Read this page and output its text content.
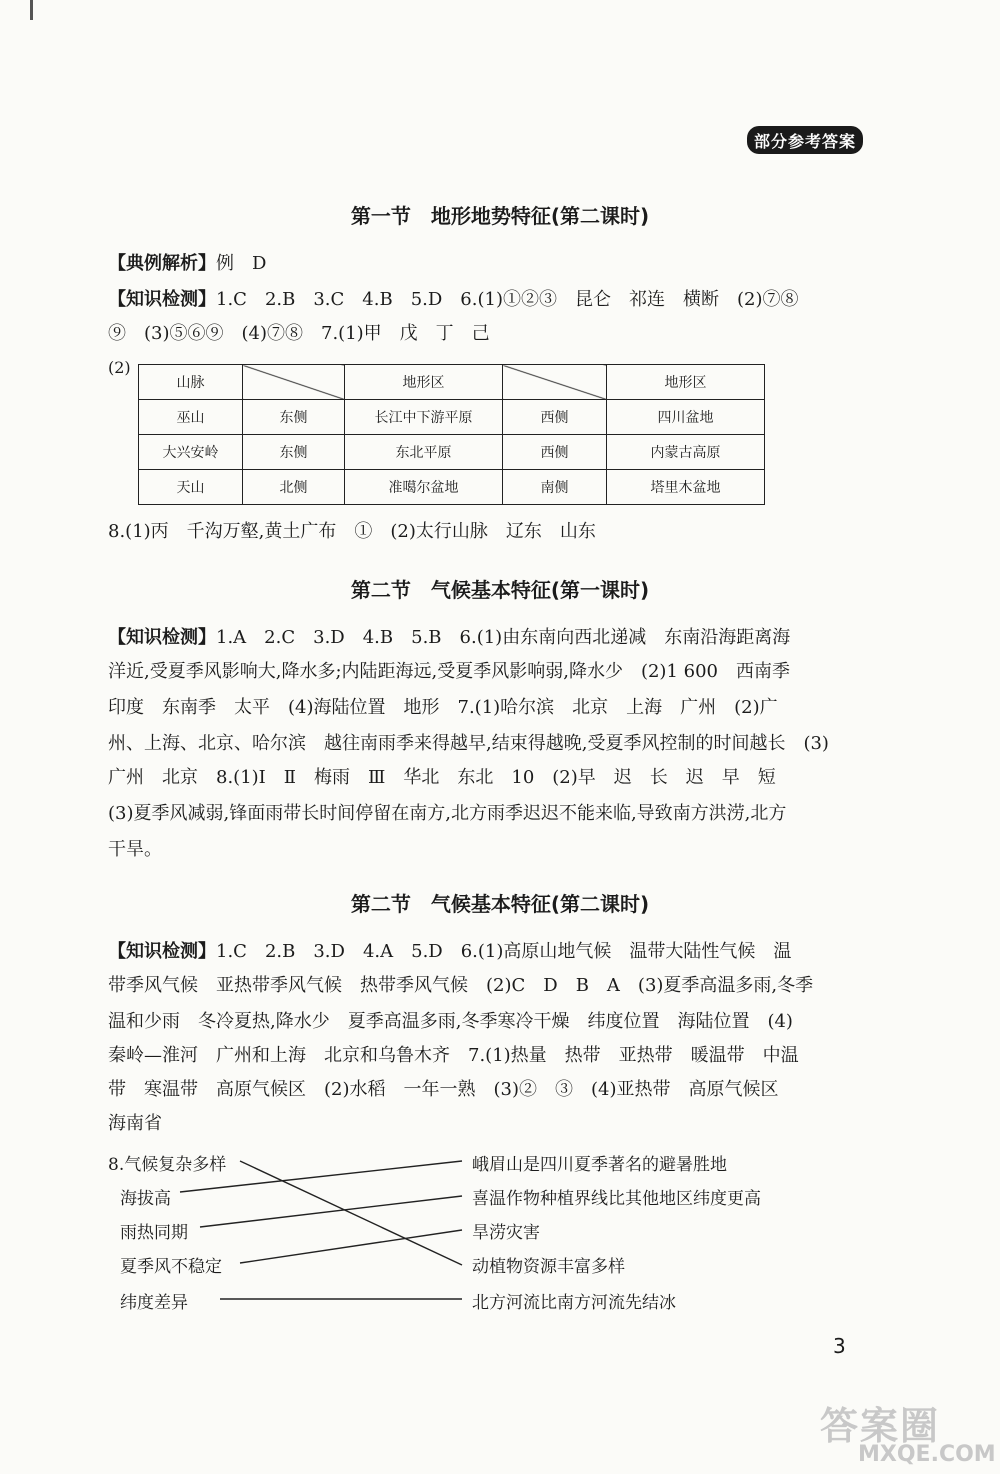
部分参考答案
第一节　地形地势特征(第二课时)
【典例解析】例　D
【知识检测】1.C　2.B　3.C　4.B　5.D　6.(1)①②③　昆仑　祁连　横断　(2)⑦⑧
⑨　(3)⑤⑥⑨　(4)⑦⑧　7.(1)甲　戊　丁　己
(2)
山脉		地形区		地形区
巫山	东侧	长江中下游平原	西侧	四川盆地
大兴安岭	东侧	东北平原	西侧	内蒙古高原
天山	北侧	准噶尔盆地	南侧	塔里木盆地
8.(1)丙　千沟万壑,黄土广布　①　(2)太行山脉　辽东　山东
第二节　气候基本特征(第一课时)
【知识检测】1.A　2.C　3.D　4.B　5.B　6.(1)由东南向西北递减　东南沿海距离海
洋近,受夏季风影响大,降水多;内陆距海远,受夏季风影响弱,降水少　(2)1 600　西南季
印度　东南季　太平　(4)海陆位置　地形　7.(1)哈尔滨　北京　上海　广州　(2)广
州、上海、北京、哈尔滨　越往南雨季来得越早,结束得越晚,受夏季风控制的时间越长　(3)
广州　北京　8.(1)Ⅰ　Ⅱ　梅雨　Ⅲ　华北　东北　10　(2)早　迟　长　迟　早　短
(3)夏季风减弱,锋面雨带长时间停留在南方,北方雨季迟迟不能来临,导致南方洪涝,北方
干旱。
第二节　气候基本特征(第二课时)
【知识检测】1.C　2.B　3.D　4.A　5.D　6.(1)高原山地气候　温带大陆性气候　温
带季风气候　亚热带季风气候　热带季风气候　(2)C　D　B　A　(3)夏季高温多雨,冬季
温和少雨　冬冷夏热,降水少　夏季高温多雨,冬季寒冷干燥　纬度位置　海陆位置　(4)
秦岭—淮河　广州和上海　北京和乌鲁木齐　7.(1)热量　热带　亚热带　暖温带　中温
带　寒温带　高原气候区　(2)水稻　一年一熟　(3)②　③　(4)亚热带　高原气候区
海南省
8.气候复杂多样
海拔高
雨热同期
夏季风不稳定
纬度差异
峨眉山是四川夏季著名的避暑胜地
喜温作物种植界线比其他地区纬度更高
旱涝灾害
动植物资源丰富多样
北方河流比南方河流先结冰
3
答案圈
MXQE.COM
